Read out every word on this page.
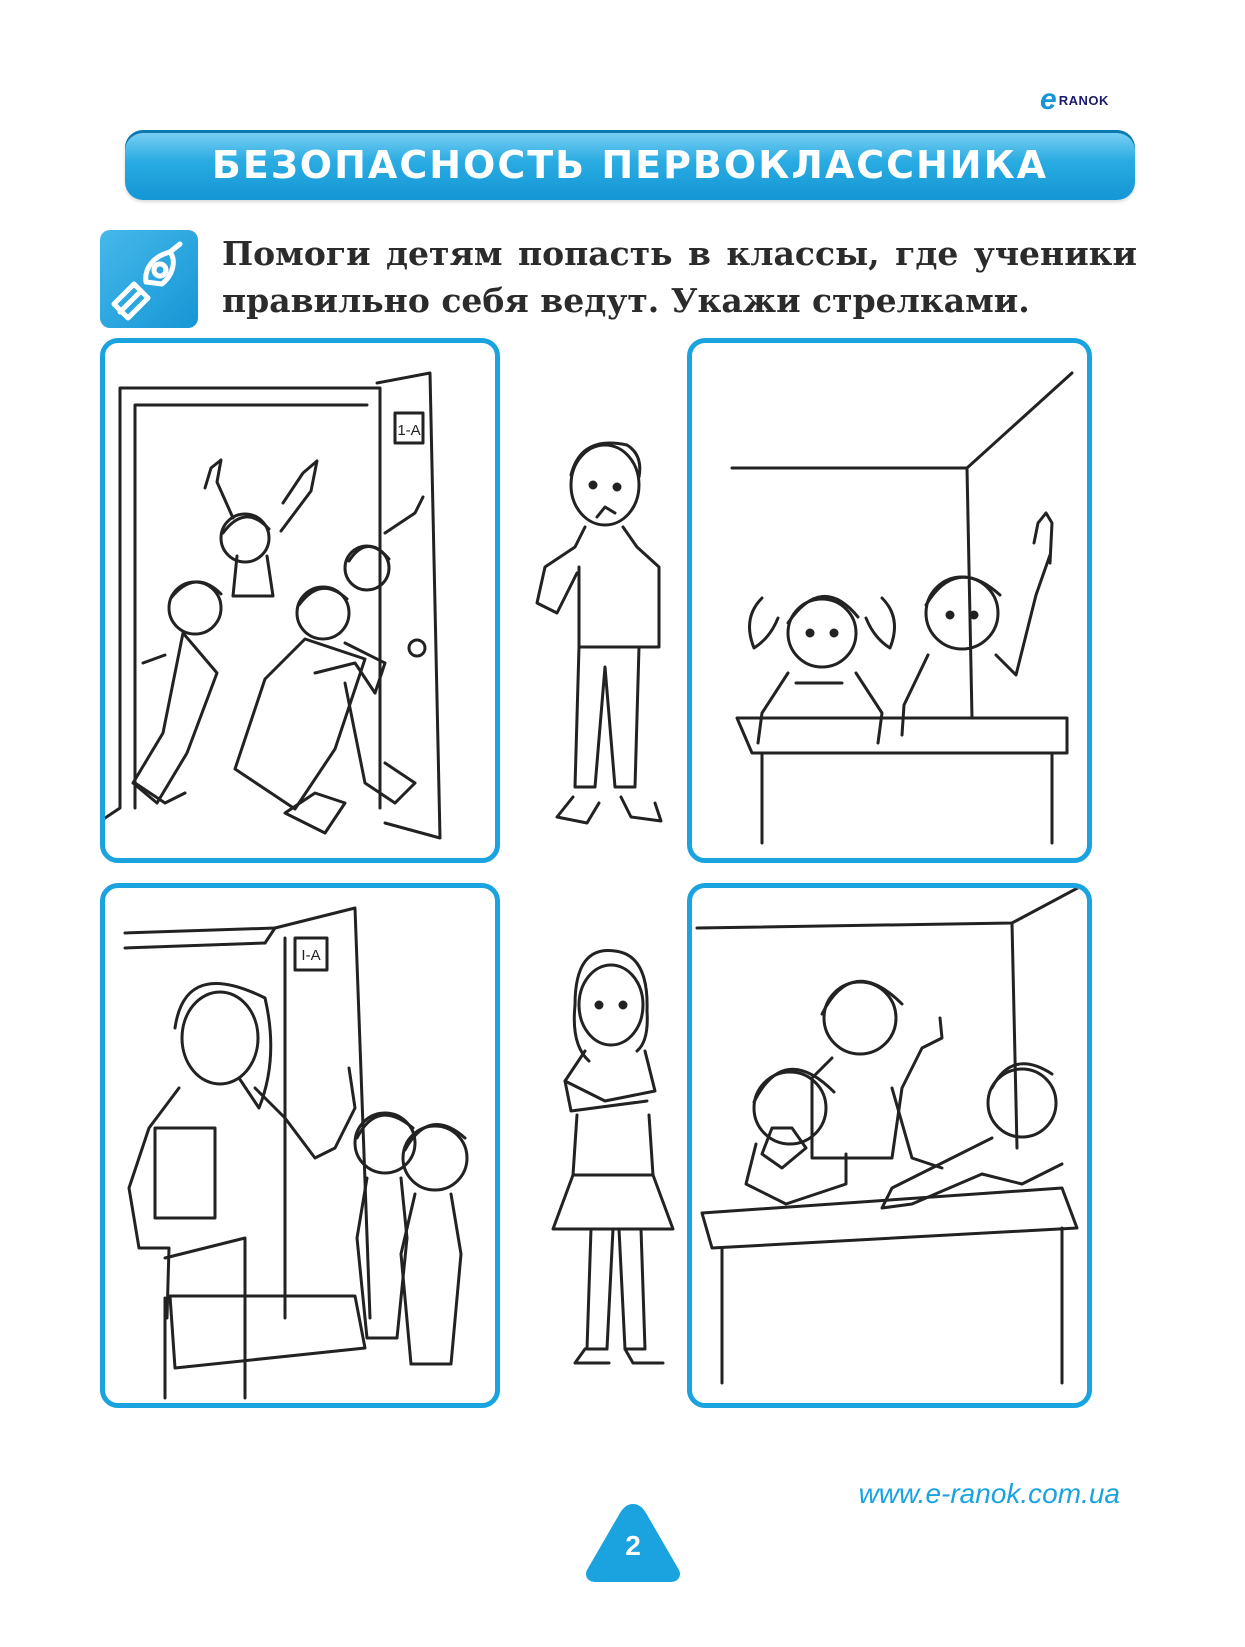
e RANOK
БЕЗОПАСНОСТЬ ПЕРВОКЛАССНИКА
Помоги детям попасть в классы, где ученики правильно себя ведут. Укажи стрелками.
1-А
I-А
www.e-ranok.com.ua
2
